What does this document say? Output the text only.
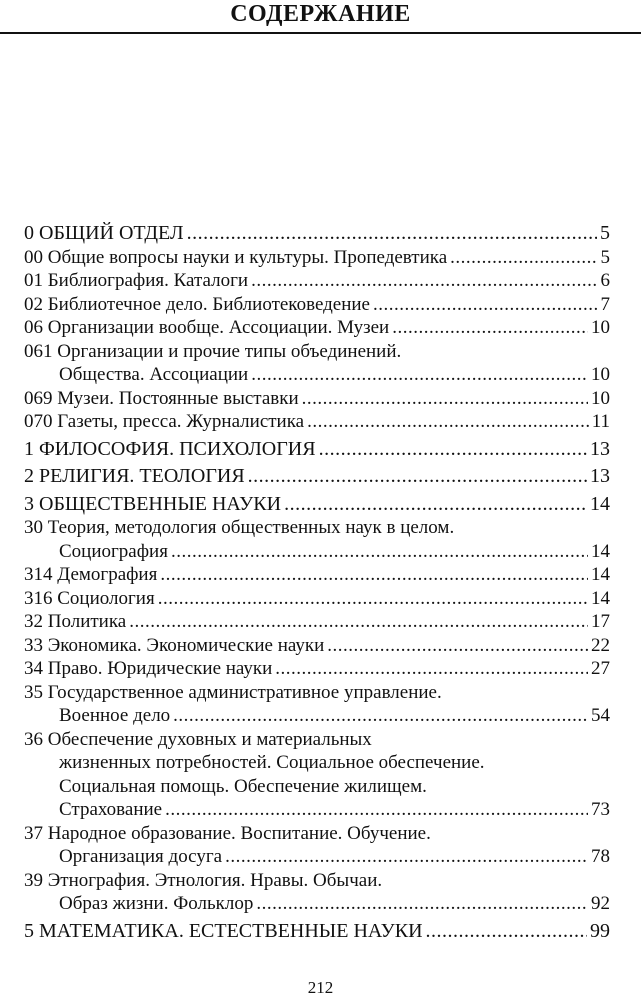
СОДЕРЖАНИЕ
0 ОБЩИЙ ОТДЕЛ .....	5
00 Общие вопросы науки и культуры. Пропедевтика .....	5
01 Библиография. Каталоги .....	6
02 Библиотечное дело. Библиотековедение .....	7
06 Организации вообще. Ассоциации. Музеи .....	10
061 Организации и прочие типы объединений.
Общества. Ассоциации .....	10
069 Музеи. Постоянные выставки .....	10
070 Газеты, пресса. Журналистика .....	11
1 ФИЛОСОФИЯ. ПСИХОЛОГИЯ .....	13
2 РЕЛИГИЯ. ТЕОЛОГИЯ .....	13
3 ОБЩЕСТВЕННЫЕ НАУКИ .....	14
30 Теория, методология общественных наук в целом.
Социография .....	14
314 Демография .....	14
316 Социология .....	14
32 Политика .....	17
33 Экономика. Экономические науки .....	22
34 Право. Юридические науки .....	27
35 Государственное административное управление.
Военное дело .....	54
36 Обеспечение духовных и материальных
жизненных потребностей. Социальное обеспечение.
Социальная помощь. Обеспечение жилищем.
Страхование .....	73
37 Народное образование. Воспитание. Обучение.
Организация досуга .....	78
39 Этнография. Этнология. Нравы. Обычаи.
Образ жизни. Фольклор .....	92
5 МАТЕМАТИКА. ЕСТЕСТВЕННЫЕ НАУКИ .....	99
212
